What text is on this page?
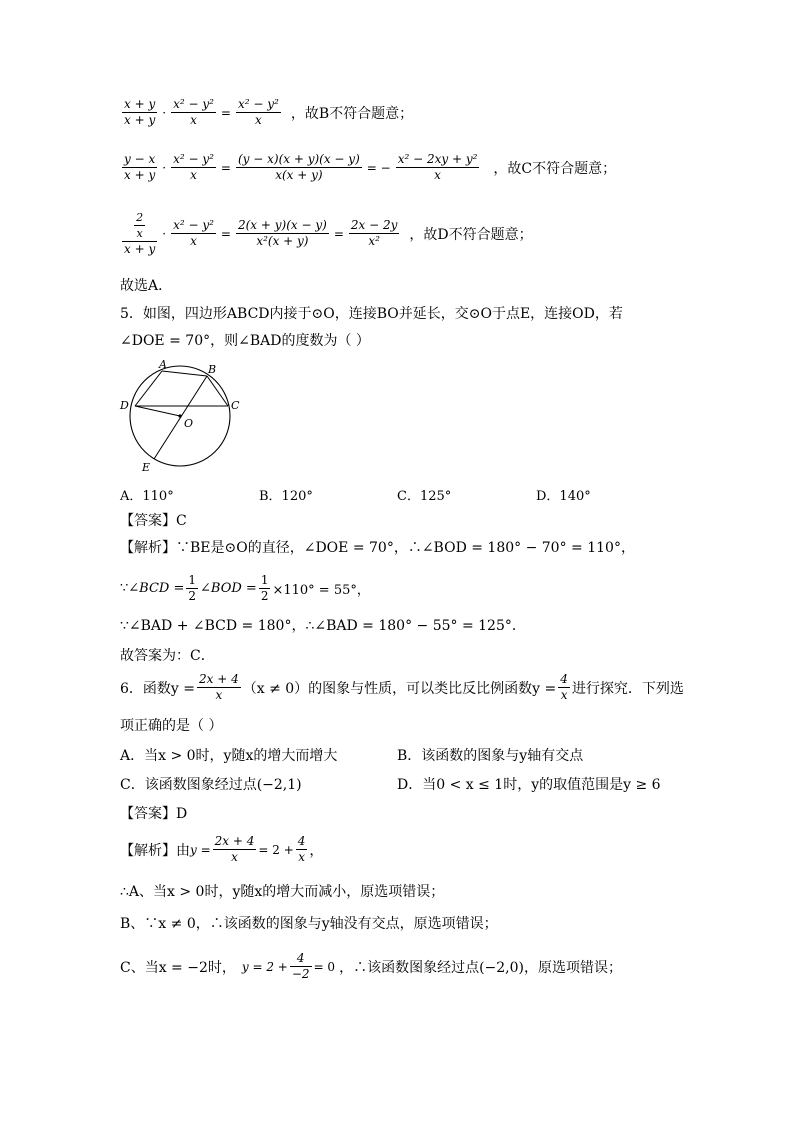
$\frac{x + y}{x + y} \cdot \frac{\text{x² − y²}}{x} = \frac{\text{x² − y²}}{x}$ ，故B不符合题意；
$\frac{y - x}{x + y} \cdot \frac{\text{x² − y²}}{x} = \frac{(y - x)(x + y)(x - y)}{x(x + y)}$ = − $\frac{\text{x² − 2xy + y²}}{x}$ ，故C不符合题意；
$\frac{\frac{2}{x}}{x + y} \cdot \frac{\text{x² − y²}}{x} = \frac{2(x + y)(x - y)}{\text{x²(x + y)}} = \frac{2x - 2y}{\text{x²}}$ ，故D不符合题意；
故选A．
5．如图，四边形ABCD内接于⊙O，连接BO并延长，交⊙O于点E，连接OD，若
∠DOE = 70°，则∠BAD的度数为（ ）
A	B
C
D
O
E
A．110°	B．120°	C．125°	D．140°
【答案】C
【解析】∵BE是⊙O的直径，∠DOE = 70°，∴∠BOD = 180° − 70° = 110°，
∵ ∠BCD = $\frac{1}{2}$ ∠BOD = $\frac{1}{2} \times 110^\circ = 55^\circ$，
∵∠BAD + ∠BCD = 180°，∴∠BAD = 180° − 55° = 125°．
故答案为：C．
6．函数$y = \frac{2x + 4}{x} (x \ne 0)$的图象与性质，可以类比反比例函数$y = \frac{4}{x}$ 进行探究．下列选
项正确的是（ ）
A．当x > 0时，y随x的增大而增大	B．该函数的图象与y轴有交点
C．该函数图象经过点(−2,1)	D．当0 < x ≤ 1时，y的取值范围是y ≥ 6
【答案】D
【解析】由 $y = \frac{2x + 4}{x} = 2 + \frac{4}{x}$ ，
∴A、当x > 0时，y随x的增大而减小，原选项错误；
B、∵x ≠ 0，∴该函数的图象与y轴没有交点，原选项错误；
C、当x = −2时， $y = 2 + \frac{4}{-2} = 0$ ，∴该函数图象经过点(−2,0)，原选项错误；
